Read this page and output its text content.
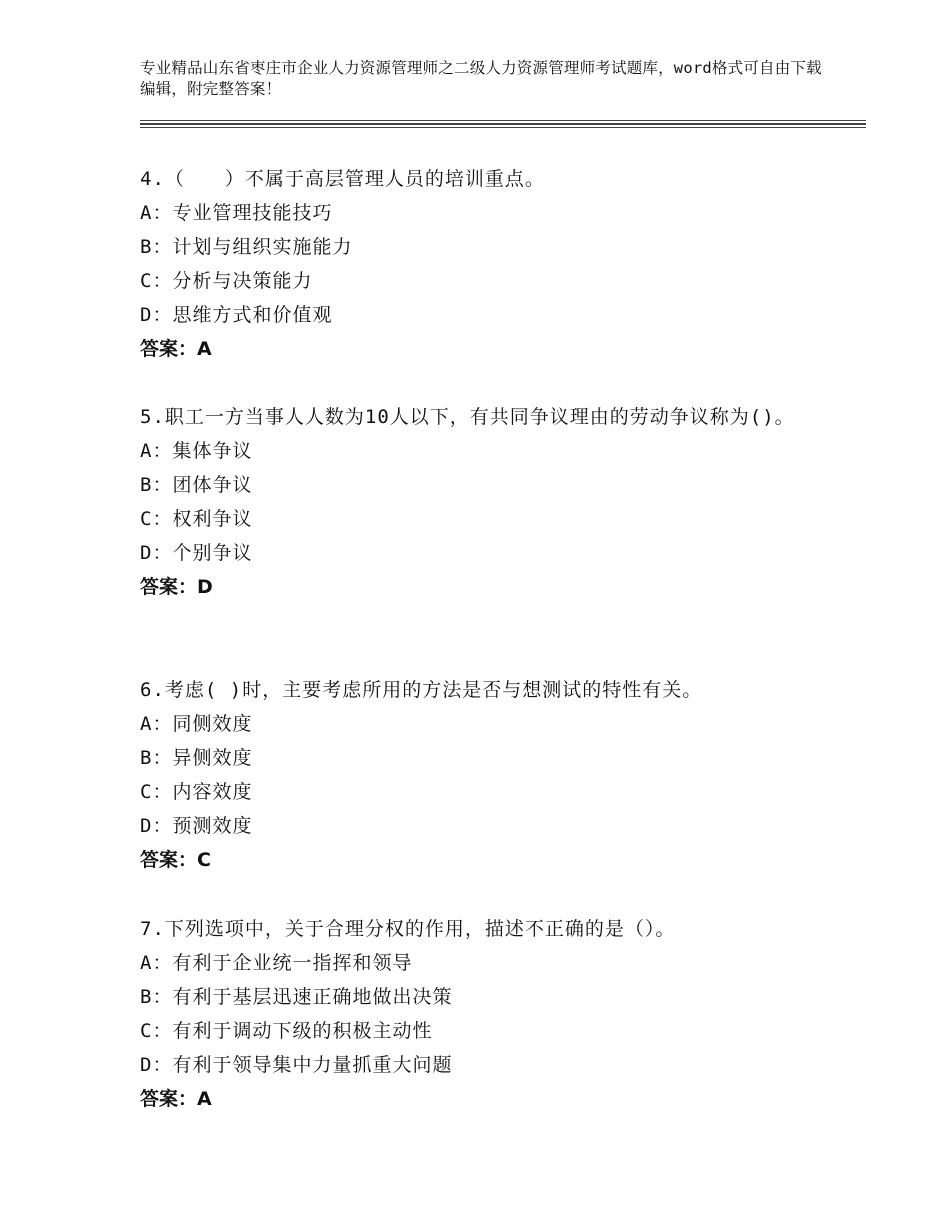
专业精品山东省枣庄市企业人力资源管理师之二级人力资源管理师考试题库，word格式可自由下载编辑，附完整答案！
4.（　　）不属于高层管理人员的培训重点。
A：专业管理技能技巧
B：计划与组织实施能力
C：分析与决策能力
D：思维方式和价值观
答案：A
5.职工一方当事人人数为10人以下，有共同争议理由的劳动争议称为()。
A：集体争议
B：团体争议
C：权利争议
D：个别争议
答案：D
6.考虑( )时，主要考虑所用的方法是否与想测试的特性有关。
A：同侧效度
B：异侧效度
C：内容效度
D：预测效度
答案：C
7.下列选项中，关于合理分权的作用，描述不正确的是（）。
A：有利于企业统一指挥和领导
B：有利于基层迅速正确地做出决策
C：有利于调动下级的积极主动性
D：有利于领导集中力量抓重大问题
答案：A
